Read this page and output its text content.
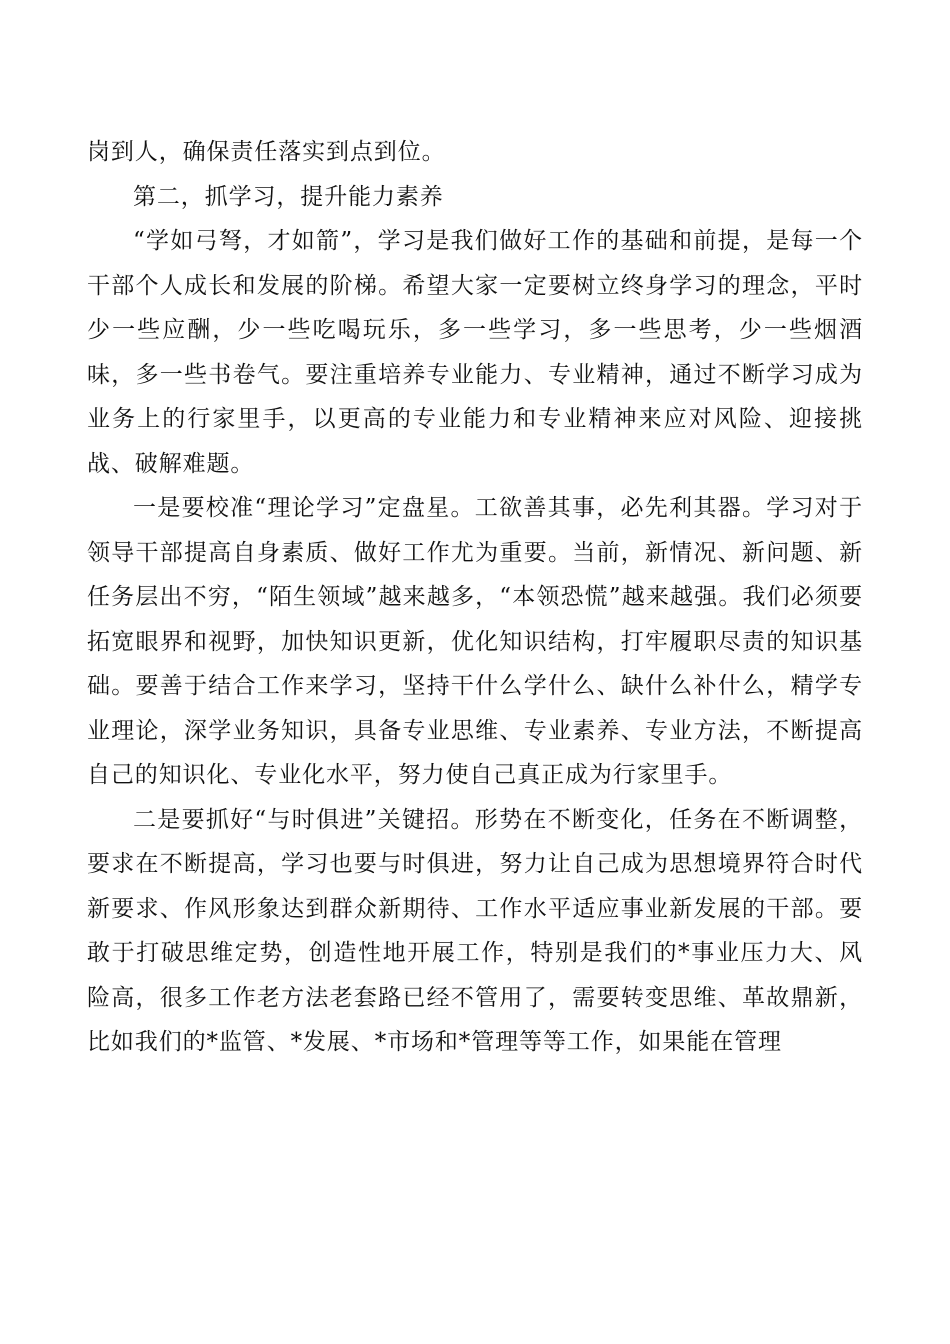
岗到人，确保责任落实到点到位。

第二，抓学习，提升能力素养

“学如弓弩，才如箭”，学习是我们做好工作的基础和前提，是每一个干部个人成长和发展的阶梯。希望大家一定要树立终身学习的理念，平时少一些应酬，少一些吃喝玩乐，多一些学习，多一些思考，少一些烟酒味，多一些书卷气。要注重培养专业能力、专业精神，通过不断学习成为业务上的行家里手，以更高的专业能力和专业精神来应对风险、迎接挑战、破解难题。

一是要校准“理论学习”定盘星。工欲善其事，必先利其器。学习对于领导干部提高自身素质、做好工作尤为重要。当前，新情况、新问题、新任务层出不穷，“陌生领域”越来越多，“本领恐慌”越来越强。我们必须要拓宽眼界和视野，加快知识更新，优化知识结构，打牢履职尽责的知识基础。要善于结合工作来学习，坚持干什么学什么、缺什么补什么，精学专业理论，深学业务知识，具备专业思维、专业素养、专业方法，不断提高自己的知识化、专业化水平，努力使自己真正成为行家里手。

二是要抓好“与时俱进”关键招。形势在不断变化，任务在不断调整，要求在不断提高，学习也要与时俱进，努力让自己成为思想境界符合时代新要求、作风形象达到群众新期待、工作水平适应事业新发展的干部。要敢于打破思维定势，创造性地开展工作，特别是我们的*事业压力大、风险高，很多工作老方法老套路已经不管用了，需要转变思维、革故鼎新，比如我们的*监管、*发展、*市场和*管理等等工作，如果能在管理
